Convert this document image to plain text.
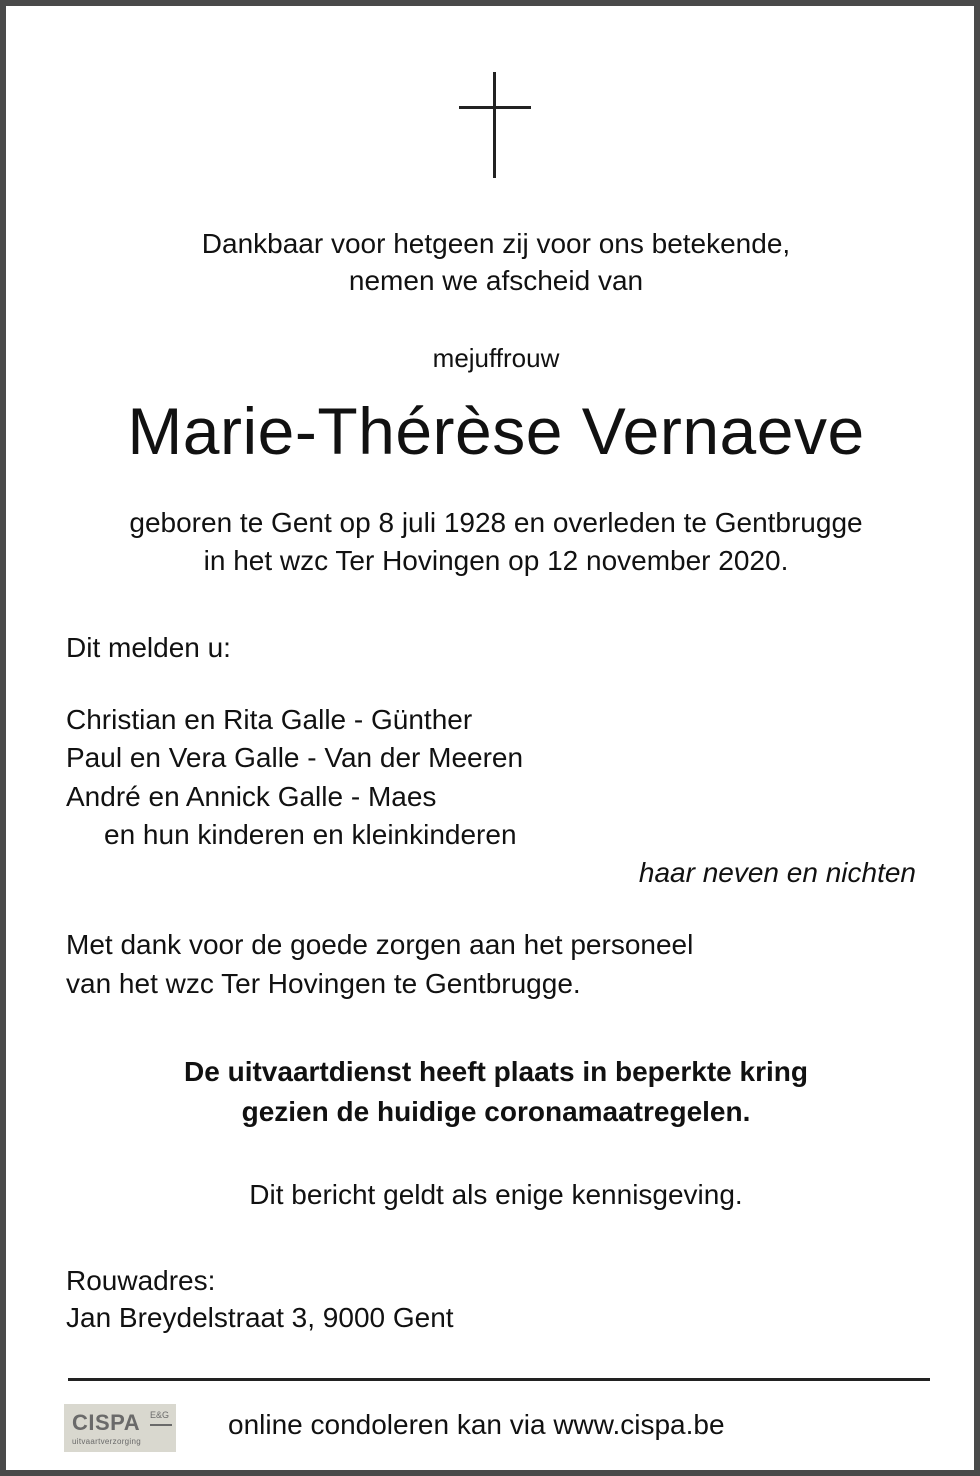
Dankbaar voor hetgeen zij voor ons betekende,
nemen we afscheid van
mejuffrouw
Marie-Thérèse Vernaeve
geboren te Gent op 8 juli 1928 en overleden te Gentbrugge
in het wzc Ter Hovingen op 12 november 2020.
Dit melden u:
Christian en Rita Galle - Günther
Paul en Vera Galle - Van der Meeren
André en Annick Galle - Maes
en hun kinderen en kleinkinderen
haar neven en nichten
Met dank voor de goede zorgen aan het personeel
van het wzc Ter Hovingen te Gentbrugge.
De uitvaartdienst heeft plaats in beperkte kring
gezien de huidige coronamaatregelen.
Dit bericht geldt als enige kennisgeving.
Rouwadres:
Jan Breydelstraat 3, 9000 Gent
CISPA E&G
uitvaartverzorging
online condoleren kan via www.cispa.be
